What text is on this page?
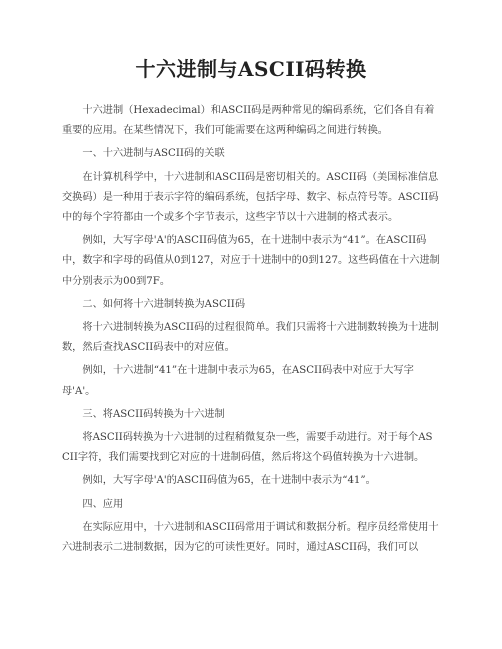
十六进制与ASCII码转换

十六进制（Hexadecimal）和ASCII码是两种常见的编码系统，它们各自有着重要的应用。在某些情况下，我们可能需要在这两种编码之间进行转换。

一、十六进制与ASCII码的关联

在计算机科学中，十六进制和ASCII码是密切相关的。ASCII码（美国标准信息交换码）是一种用于表示字符的编码系统，包括字母、数字、标点符号等。ASCII码中的每个字符都由一个或多个字节表示，这些字节以十六进制的格式表示。

例如，大写字母'A'的ASCII码值为65，在十进制中表示为“41”。在ASCII码中，数字和字母的码值从0到127，对应于十进制中的0到127。这些码值在十六进制中分别表示为00到7F。

二、如何将十六进制转换为ASCII码

将十六进制转换为ASCII码的过程很简单。我们只需将十六进制数转换为十进制数，然后查找ASCII码表中的对应值。

例如，十六进制“41”在十进制中表示为65，在ASCII码表中对应于大写字母'A'。

三、将ASCII码转换为十六进制

将ASCII码转换为十六进制的过程稍微复杂一些，需要手动进行。对于每个ASCII字符，我们需要找到它对应的十进制码值，然后将这个码值转换为十六进制。

例如，大写字母'A'的ASCII码值为65，在十进制中表示为“41”。

四、应用

在实际应用中，十六进制和ASCII码常用于调试和数据分析。程序员经常使用十六进制表示二进制数据，因为它的可读性更好。同时，通过ASCII码，我们可以
